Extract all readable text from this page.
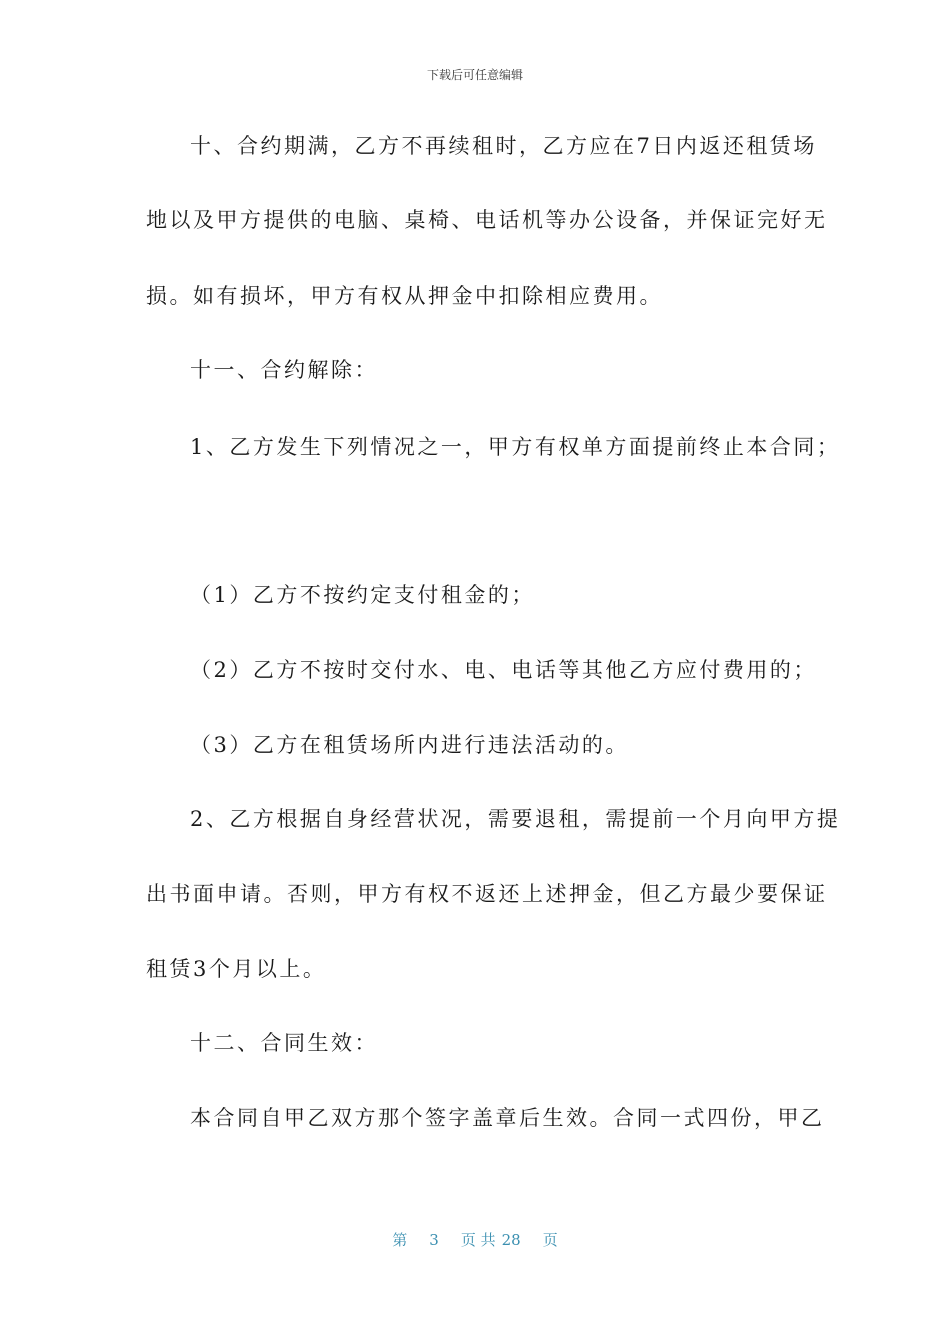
下载后可任意编辑
十、合约期满，乙方不再续租时，乙方应在7日内返还租赁场
地以及甲方提供的电脑、桌椅、电话机等办公设备，并保证完好无
损。如有损坏，甲方有权从押金中扣除相应费用。
十一、合约解除：
1、乙方发生下列情况之一，甲方有权单方面提前终止本合同；
（1）乙方不按约定支付租金的；
（2）乙方不按时交付水、电、电话等其他乙方应付费用的；
（3）乙方在租赁场所内进行违法活动的。
2、乙方根据自身经营状况，需要退租，需提前一个月向甲方提
出书面申请。否则，甲方有权不返还上述押金，但乙方最少要保证
租赁3个月以上。
十二、合同生效：
本合同自甲乙双方那个签字盖章后生效。合同一式四份，甲乙
第 3 页 共 28 页
